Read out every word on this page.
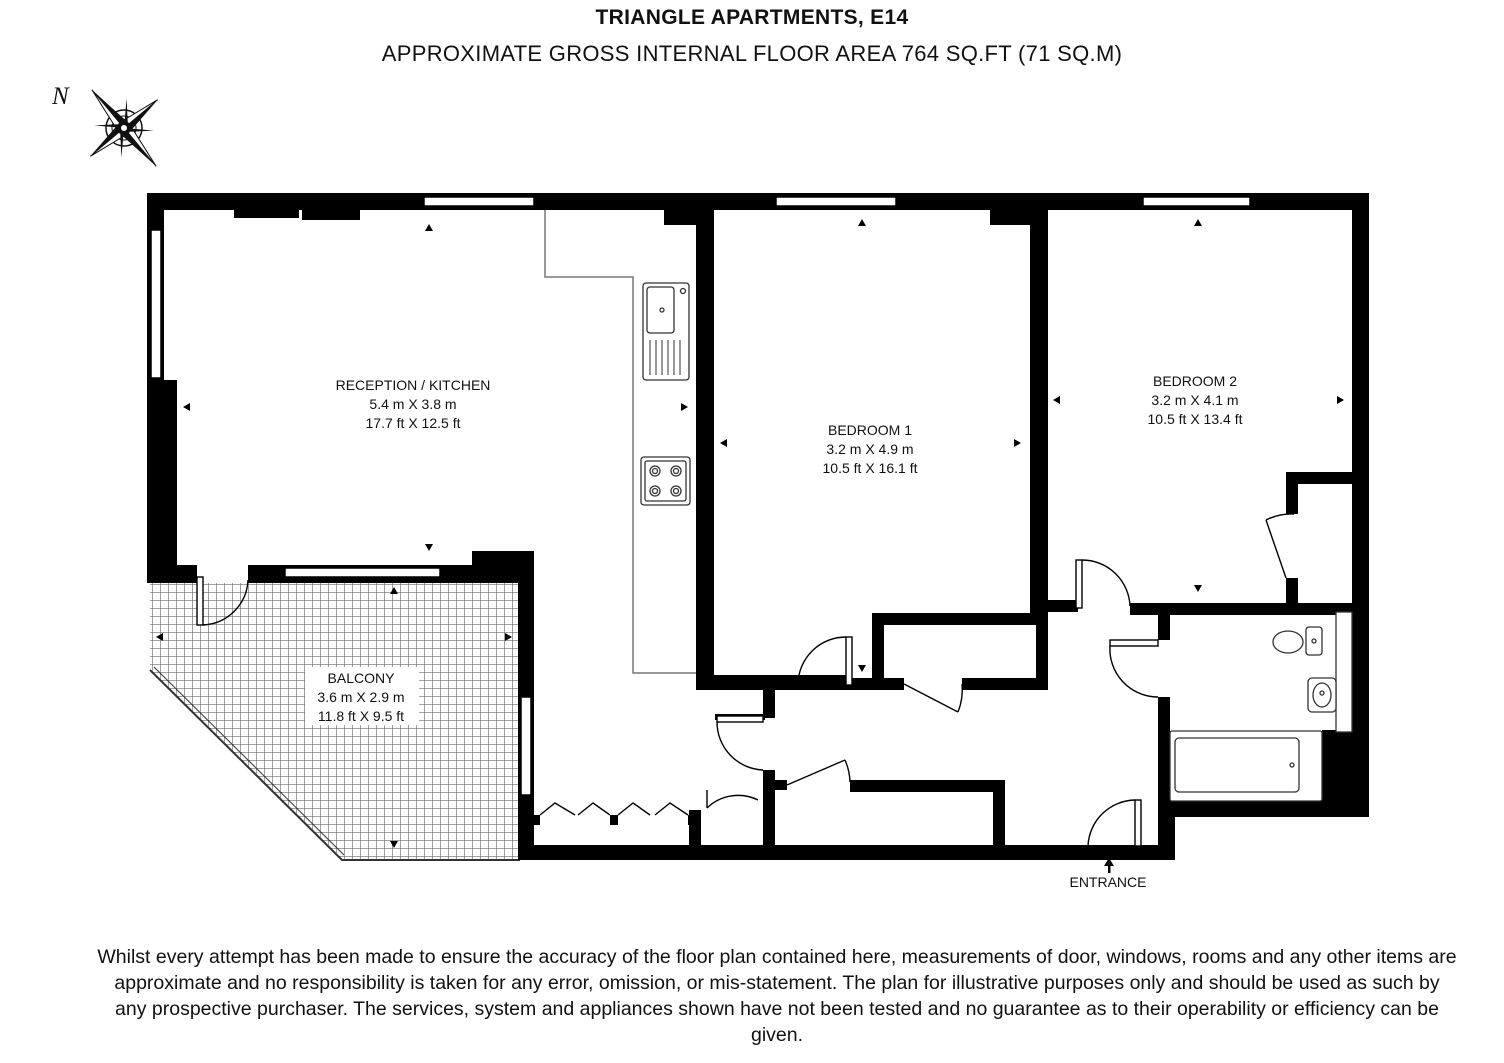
TRIANGLE APARTMENTS, E14
APPROXIMATE GROSS INTERNAL FLOOR AREA 764 SQ.FT (71 SQ.M)
N
RECEPTION / KITCHEN
5.4 m X 3.8 m
17.7 ft X 12.5 ft	BEDROOM 1
3.2 m X 4.9 m
10.5 ft X 16.1 ft
BEDROOM 2
3.2 m X 4.1 m
10.5 ft X 13.4 ft
BALCONY
3.6 m X 2.9 m
11.8 ft X 9.5 ft
ENTRANCE
Whilst every attempt has been made to ensure the accuracy of the floor plan contained here, measurements of door, windows, rooms and any other items are approximate and no responsibility is taken for any error, omission, or mis-statement. The plan for illustrative purposes only and should be used as such by any prospective purchaser. The services, system and appliances shown have not been tested and no guarantee as to their operability or efficiency can be given.
